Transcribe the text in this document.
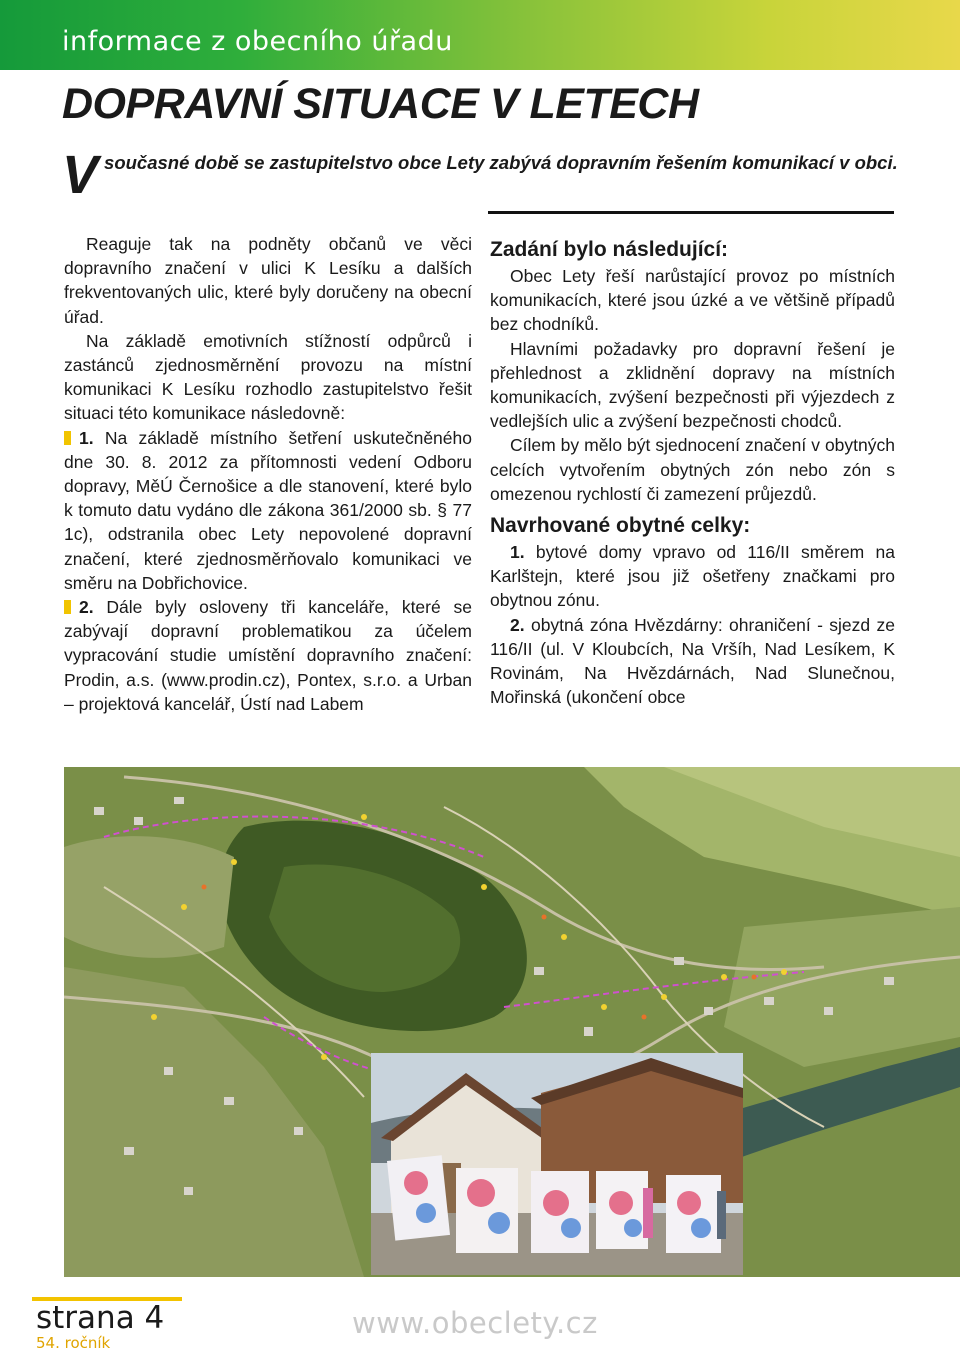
informace z obecního úřadu
DOPRAVNÍ SITUACE V LETECH
Vsoučasné době se zastupitelstvo obce Lety zabývá dopravním řešením komunikací v obci.

Reaguje tak na podněty občanů ve věci dopravního značení v ulici K Lesíku a dalších frekventovaných ulic, které byly doručeny na obecní úřad.

Na základě emotivních stížností odpůrců i zastánců zjednosměrnění provozu na místní komunikaci K Lesíku rozhodlo zastupitelstvo řešit situaci této komunikace následovně:

1. Na základě místního šetření uskutečněného dne 30. 8. 2012 za přítomnosti vedení Odboru dopravy, MěÚ Černošice a dle stanovení, které bylo k tomuto datu vydáno dle zákona 361/2000 sb. § 77 1c), odstranila obec Lety nepovolené dopravní značení, které zjednosměrňovalo komunikaci ve směru na Dobřichovice.

2. Dále byly osloveny tři kanceláře, které se zabývají dopravní problematikou za účelem vypracování studie umístění dopravního značení: Prodin, a.s. (www.prodin.cz), Pontex, s.r.o. a Urban – projektová kancelář, Ústí nad Labem

Zadání bylo následující:

Obec Lety řeší narůstající provoz po místních komunikacích, které jsou úzké a ve většině případů bez chodníků.

Hlavními požadavky pro dopravní řešení je přehlednost a zklidnění dopravy na místních komunikacích, zvýšení bezpečnosti při výjezdech z vedlejších ulic a zvýšení bezpečnosti chodců.

Cílem by mělo být sjednocení značení v obytných celcích vytvořením obytných zón nebo zón s omezenou rychlostí či zamezení průjezdů.

Navrhované obytné celky:

1. bytové domy vpravo od 116/II směrem na Karlštejn, které jsou již ošetřeny značkami pro obytnou zónu.

2. obytná zóna Hvězdárny: ohraničení - sjezd ze 116/II (ul. V Kloubcích, Na Vršíh, Nad Lesíkem, K Rovinám, Na Hvězdárnách, Nad Slunečnou, Mořinská (ukončení obce

strana 4
54. ročník
www.obeclety.cz
